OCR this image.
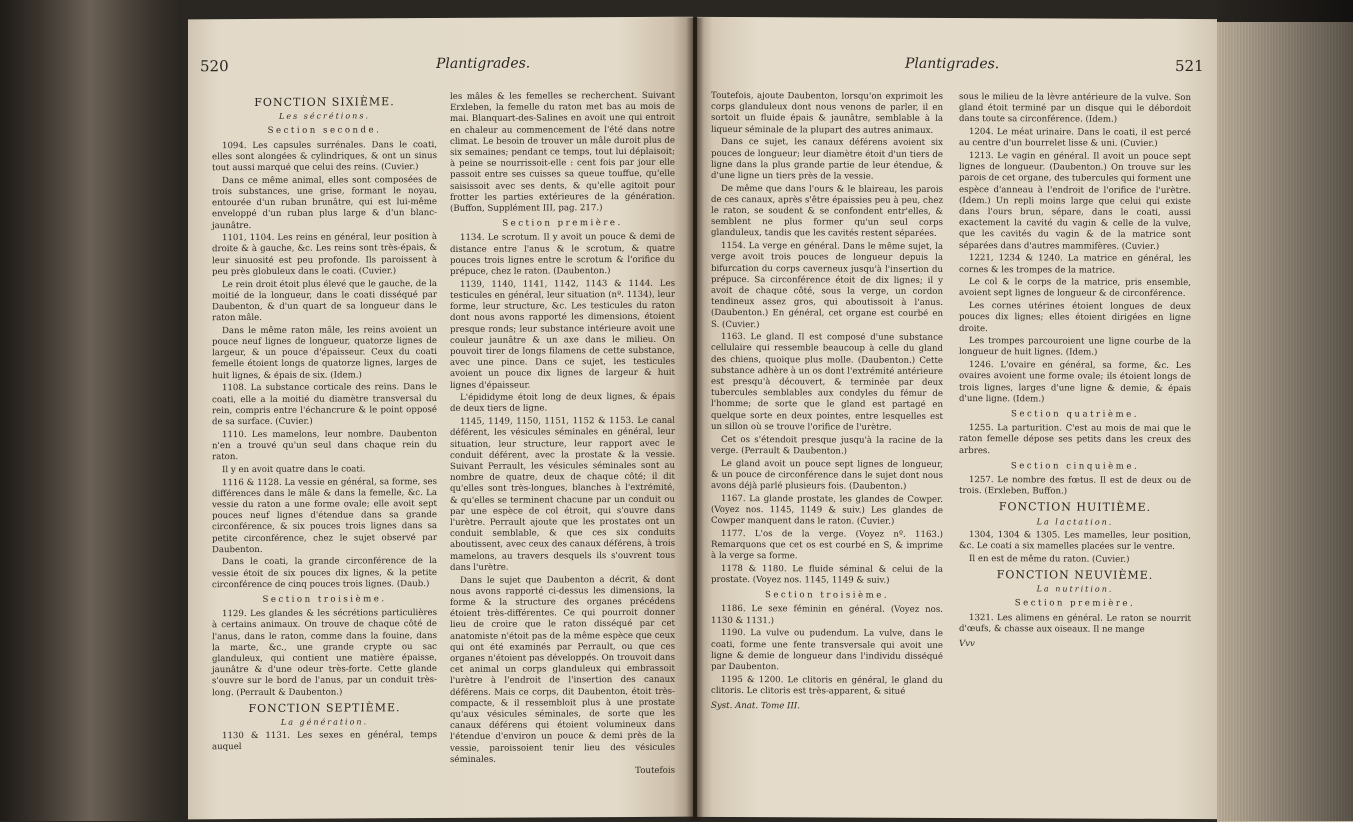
520	Plantigrades.

FONCTION SIXIÈME.

Les sécrétions.

Section seconde.

1094. Les capsules surrénales. Dans le coati, elles sont alongées & cylindriques, & ont un sinus tout aussi marqué que celui des reins. (Cuvier.)

Dans ce même animal, elles sont composées de trois substances, une grise, formant le noyau, entourée d'un ruban brunâtre, qui est lui-même enveloppé d'un ruban plus large & d'un blanc-jaunâtre.

1101, 1104. Les reins en général, leur position à droite & à gauche, &c. Les reins sont très-épais, & leur sinuosité est peu profonde. Ils paroissent à peu près globuleux dans le coati. (Cuvier.)

Le rein droit étoit plus élevé que le gauche, de la moitié de la longueur, dans le coati disséqué par Daubenton, & d'un quart de sa longueur dans le raton mâle.

Dans le même raton mâle, les reins avoient un pouce neuf lignes de longueur, quatorze lignes de largeur, & un pouce d'épaisseur. Ceux du coati femelle étoient longs de quatorze lignes, larges de huit lignes, & épais de six. (Idem.)

1108. La substance corticale des reins. Dans le coati, elle a la moitié du diamètre transversal du rein, compris entre l'échancrure & le point opposé de sa surface. (Cuvier.)

1110. Les mamelons, leur nombre. Daubenton n'en a trouvé qu'un seul dans chaque rein du raton.

Il y en avoit quatre dans le coati.

1116 & 1128. La vessie en général, sa forme, ses différences dans le mâle & dans la femelle, &c. La vessie du raton a une forme ovale; elle avoit sept pouces neuf lignes d'étendue dans sa grande circonférence, & six pouces trois lignes dans sa petite circonférence, chez le sujet observé par Daubenton.

Dans le coati, la grande circonférence de la vessie étoit de six pouces dix lignes, & la petite circonférence de cinq pouces trois lignes. (Daub.)

Section troisième.

1129. Les glandes & les sécrétions particulières à certains animaux. On trouve de chaque côté de l'anus, dans le raton, comme dans la fouine, dans la marte, &c., une grande crypte ou sac glanduleux, qui contient une matière épaisse, jaunâtre & d'une odeur très-forte. Cette glande s'ouvre sur le bord de l'anus, par un conduit très-long. (Perrault & Daubenton.)

FONCTION SEPTIÈME.

La génération.

1130 & 1131. Les sexes en général, temps auquel

les mâles & les femelles se recherchent. Suivant Erxleben, la femelle du raton met bas au mois de mai. Blanquart-des-Salines en avoit une qui entroit en chaleur au commencement de l'été dans notre climat. Le besoin de trouver un mâle duroit plus de six semaines; pendant ce temps, tout lui déplaisoit; à peine se nourrissoit-elle : cent fois par jour elle passoit entre ses cuisses sa queue touffue, qu'elle saisissoit avec ses dents, & qu'elle agitoit pour frotter les parties extérieures de la génération. (Buffon, Supplément III, pag. 217.)

Section première.

1134. Le scrotum. Il y avoit un pouce & demi de distance entre l'anus & le scrotum, & quatre pouces trois lignes entre le scrotum & l'orifice du prépuce, chez le raton. (Daubenton.)

1139, 1140, 1141, 1142, 1143 & 1144. Les testicules en général, leur situation (nº. 1134), leur forme, leur structure, &c. Les testicules du raton dont nous avons rapporté les dimensions, étoient presque ronds; leur substance intérieure avoit une couleur jaunâtre & un axe dans le milieu. On pouvoit tirer de longs filamens de cette substance, avec une pince. Dans ce sujet, les testicules avoient un pouce dix lignes de largeur & huit lignes d'épaisseur.

L'épididyme étoit long de deux lignes, & épais de deux tiers de ligne.

1145, 1149, 1150, 1151, 1152 & 1153. Le canal déférent, les vésicules séminales en général, leur situation, leur structure, leur rapport avec le conduit déférent, avec la prostate & la vessie. Suivant Perrault, les vésicules séminales sont au nombre de quatre, deux de chaque côté; il dit qu'elles sont très-longues, blanches à l'extrémité, & qu'elles se terminent chacune par un conduit ou par une espèce de col étroit, qui s'ouvre dans l'urètre. Perrault ajoute que les prostates ont un conduit semblable, & que ces six conduits aboutissent, avec ceux des canaux déférens, à trois mamelons, au travers desquels ils s'ouvrent tous dans l'urètre.

Dans le sujet que Daubenton a décrit, & dont nous avons rapporté ci-dessus les dimensions, la forme & la structure des organes précédens étoient très-différentes. Ce qui pourroit donner lieu de croire que le raton disséqué par cet anatomiste n'étoit pas de la même espèce que ceux qui ont été examinés par Perrault, ou que ces organes n'étoient pas développés. On trouvoit dans cet animal un corps glanduleux qui embrassoit l'urètre à l'endroit de l'insertion des canaux déférens. Mais ce corps, dit Daubenton, étoit très-compacte, & il ressembloit plus à une prostate qu'aux vésicules séminales, de sorte que les canaux déférens qui étoient volumineux dans l'étendue d'environ un pouce & demi près de la vessie, paroissoient tenir lieu des vésicules séminales.

Toutefois

Plantigrades.	521

Toutefois, ajoute Daubenton, lorsqu'on exprimoit les corps glanduleux dont nous venons de parler, il en sortoit un fluide épais & jaunâtre, semblable à la liqueur séminale de la plupart des autres animaux.

Dans ce sujet, les canaux déférens avoient six pouces de longueur; leur diamètre étoit d'un tiers de ligne dans la plus grande partie de leur étendue, & d'une ligne un tiers près de la vessie.

De même que dans l'ours & le blaireau, les parois de ces canaux, après s'être épaissies peu à peu, chez le raton, se soudent & se confondent entr'elles, & semblent ne plus former qu'un seul corps glanduleux, tandis que les cavités restent séparées.

1154. La verge en général. Dans le même sujet, la verge avoit trois pouces de longueur depuis la bifurcation du corps caverneux jusqu'à l'insertion du prépuce. Sa circonférence étoit de dix lignes; il y avoit de chaque côté, sous la verge, un cordon tendineux assez gros, qui aboutissoit à l'anus. (Daubenton.) En général, cet organe est courbé en S. (Cuvier.)

1163. Le gland. Il est composé d'une substance cellulaire qui ressemble beaucoup à celle du gland des chiens, quoique plus molle. (Daubenton.) Cette substance adhère à un os dont l'extrémité antérieure est presqu'à découvert, & terminée par deux tubercules semblables aux condyles du fémur de l'homme; de sorte que le gland est partagé en quelque sorte en deux pointes, entre lesquelles est un sillon où se trouve l'orifice de l'urètre.

Cet os s'étendoit presque jusqu'à la racine de la verge. (Perrault & Daubenton.)

Le gland avoit un pouce sept lignes de longueur, & un pouce de circonférence dans le sujet dont nous avons déjà parlé plusieurs fois. (Daubenton.)

1167. La glande prostate, les glandes de Cowper. (Voyez nos. 1145, 1149 & suiv.) Les glandes de Cowper manquent dans le raton. (Cuvier.)

1177. L'os de la verge. (Voyez nº. 1163.) Remarquons que cet os est courbé en S, & imprime à la verge sa forme.

1178 & 1180. Le fluide séminal & celui de la prostate. (Voyez nos. 1145, 1149 & suiv.)

Section troisième.

1186. Le sexe féminin en général. (Voyez nos. 1130 & 1131.)

1190. La vulve ou pudendum. La vulve, dans le coati, forme une fente transversale qui avoit une ligne & demie de longueur dans l'individu disséqué par Daubenton.

1195 & 1200. Le clitoris en général, le gland du clitoris. Le clitoris est très-apparent, & situé

Syst. Anat. Tome III.

sous le milieu de la lèvre antérieure de la vulve. Son gland étoit terminé par un disque qui le débordoit dans toute sa circonférence. (Idem.)

1204. Le méat urinaire. Dans le coati, il est percé au centre d'un bourrelet lisse & uni. (Cuvier.)

1213. Le vagin en général. Il avoit un pouce sept lignes de longueur. (Daubenton.) On trouve sur les parois de cet organe, des tubercules qui forment une espèce d'anneau à l'endroit de l'orifice de l'urètre. (Idem.) Un repli moins large que celui qui existe dans l'ours brun, sépare, dans le coati, aussi exactement la cavité du vagin & celle de la vulve, que les cavités du vagin & de la matrice sont séparées dans d'autres mammifères. (Cuvier.)

1221, 1234 & 1240. La matrice en général, les cornes & les trompes de la matrice.

Le col & le corps de la matrice, pris ensemble, avoient sept lignes de longueur & de circonférence.

Les cornes utérines étoient longues de deux pouces dix lignes; elles étoient dirigées en ligne droite.

Les trompes parcouroient une ligne courbe de la longueur de huit lignes. (Idem.)

1246. L'ovaire en général, sa forme, &c. Les ovaires avoient une forme ovale; ils étoient longs de trois lignes, larges d'une ligne & demie, & épais d'une ligne. (Idem.)

Section quatrième.

1255. La parturition. C'est au mois de mai que le raton femelle dépose ses petits dans les creux des arbres.

Section cinquième.

1257. Le nombre des fœtus. Il est de deux ou de trois. (Erxleben, Buffon.)

FONCTION HUITIÈME.

La lactation.

1304, 1304 & 1305. Les mamelles, leur position, &c. Le coati a six mamelles placées sur le ventre.

Il en est de même du raton. (Cuvier.)

FONCTION NEUVIÈME.

La nutrition.

Section première.

1321. Les alimens en général. Le raton se nourrit d'œufs, & chasse aux oiseaux. Il ne mange

Vvv
